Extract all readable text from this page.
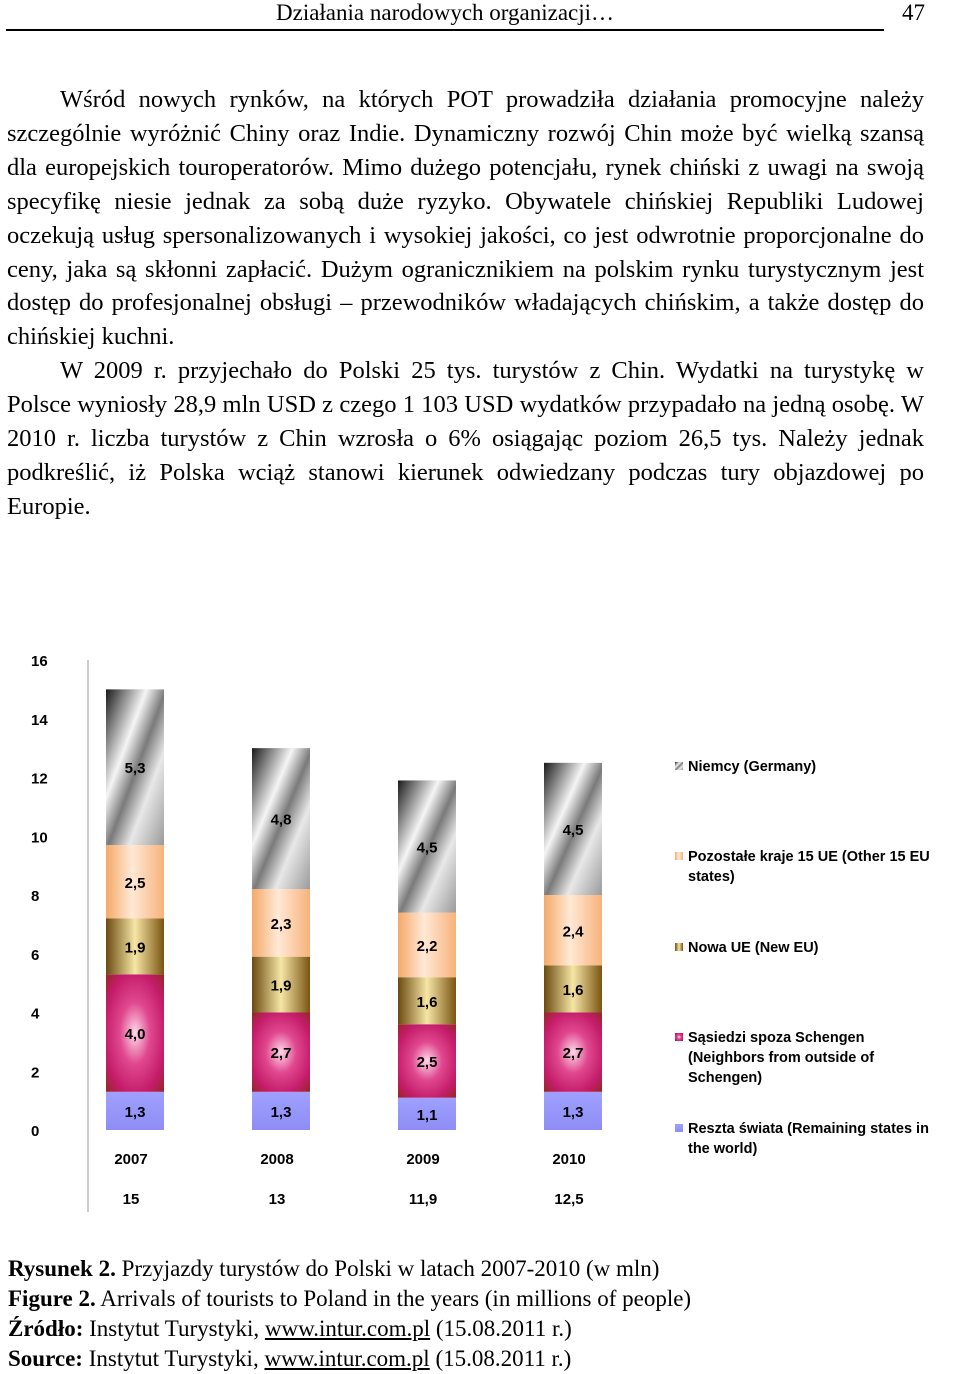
Działania narodowych organizacji…	47

Wśród nowych rynków, na których POT prowadziła działania promocyjne należy szczególnie wyróżnić Chiny oraz Indie. Dynamiczny rozwój Chin może być wielką szansą dla europejskich touroperatorów. Mimo dużego potencjału, rynek chiński z uwagi na swoją specyfikę niesie jednak za sobą duże ryzyko. Obywatele chińskiej Republiki Ludowej oczekują usług spersonalizowanych i wysokiej jakości, co jest odwrotnie proporcjonalne do ceny, jaka są skłonni zapłacić. Dużym ogranicznikiem na polskim rynku turystycznym jest dostęp do profesjonalnej obsługi – przewodników władających chińskim, a także dostęp do chińskiej kuchni.

W 2009 r. przyjechało do Polski 25 tys. turystów z Chin. Wydatki na turystykę w Polsce wyniosły 28,9 mln USD z czego 1 103 USD wydatków przypadało na jedną osobę. W 2010 r. liczba turystów z Chin wzrosła o 6% osiągając poziom 26,5 tys. Należy jednak podkreślić, iż Polska wciąż stanowi kierunek odwiedzany podczas tury objazdowej po Europie.

0
2
4
6
8
10
12
14
16
1,3
4,0
1,9
2,5
5,3
1,3
2,7
1,9
2,3
4,8
1,1
2,5
1,6
2,2
4,5
1,3
2,7
1,6
2,4
4,5
2007
15
2008
13
2009
11,9
2010
12,5
Niemcy (Germany)
Pozostałe kraje 15 UE (Other 15 EU
states)
Nowa UE (New EU)
Sąsiedzi spoza Schengen
(Neighbors from outside of
Schengen)
Reszta świata (Remaining states in
the world)
Rysunek 2. Przyjazdy turystów do Polski w latach 2007-2010 (w mln)
Figure 2. Arrivals of tourists to Poland in the years (in millions of people)
Źródło: Instytut Turystyki, www.intur.com.pl (15.08.2011 r.)
Source: Instytut Turystyki, www.intur.com.pl (15.08.2011 r.)
